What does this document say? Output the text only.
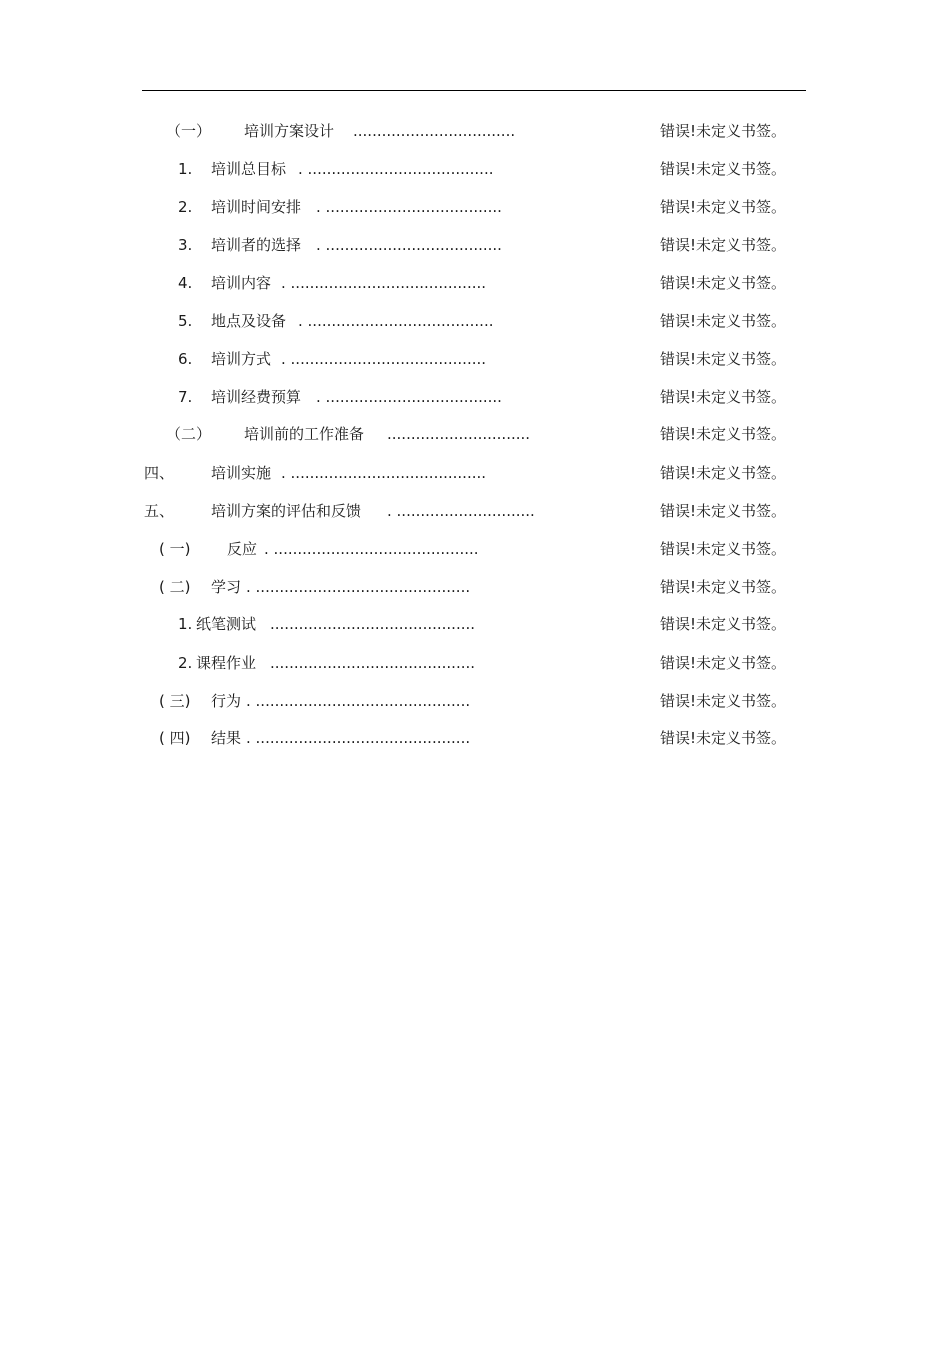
（一） 培训方案设计 ..................................	错误!未定义书签。
1. 培训总目标 . .......................................	错误!未定义书签。
2. 培训时间安排 . .....................................	错误!未定义书签。
3. 培训者的选择 . .....................................	错误!未定义书签。
4. 培训内容 . .........................................	错误!未定义书签。
5. 地点及设备 . .......................................	错误!未定义书签。
6. 培训方式 . .........................................	错误!未定义书签。
7. 培训经费预算 . .....................................	错误!未定义书签。
（二） 培训前的工作准备 ..............................	错误!未定义书签。
四、 培训实施 . .........................................	错误!未定义书签。
五、 培训方案的评估和反馈 . .............................	错误!未定义书签。
( 一) 反应 . ...........................................	错误!未定义书签。
( 二) 学习 . .............................................	错误!未定义书签。
1. 纸笔测试 ...........................................	错误!未定义书签。
2. 课程作业 ...........................................	错误!未定义书签。
( 三) 行为 . .............................................	错误!未定义书签。
( 四) 结果 . .............................................	错误!未定义书签。
